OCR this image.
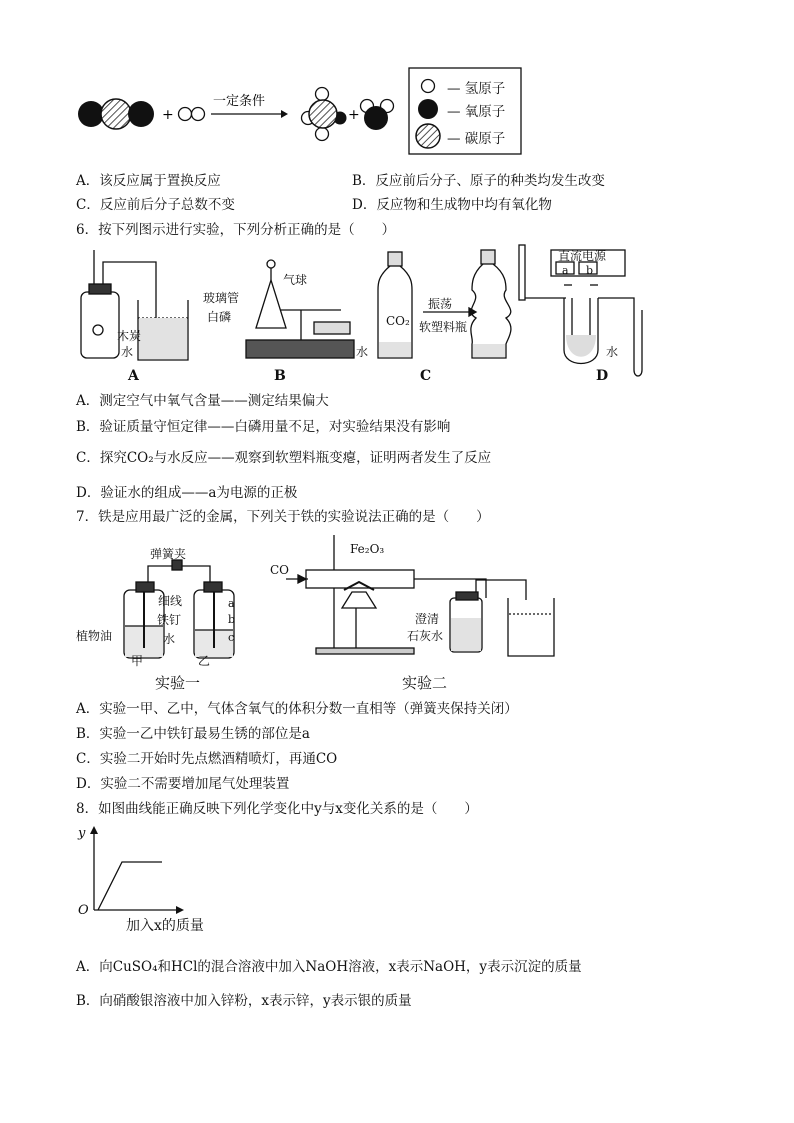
+
一定条件
+
— 氢原子
— 氧原子
— 碳原子
A．该反应属于置换反应	B．反应前后分子、原子的种类均发生改变
C．反应前后分子总数不变	D．反应物和生成物中均有氧化物
6．按下列图示进行实验，下列分析正确的是（　　）
A
木炭
水
B
气球
玻璃管
白磷
C
CO₂
振荡
软塑料瓶
水
直流电源
a b
水
D
A．测定空气中氧气含量——测定结果偏大
B．验证质量守恒定律——白磷用量不足，对实验结果没有影响
C．探究CO₂与水反应——观察到软塑料瓶变瘪，证明两者发生了反应
D．验证水的组成——a为电源的正极
7．铁是应用最广泛的金属，下列关于铁的实验说法正确的是（　　）
弹簧夹
细线
铁钉
植物油	水
a
b
c
甲	乙
实验一
CO
Fe₂O₃
澄清
石灰水
实验二
A．实验一甲、乙中，气体含氧气的体积分数一直相等（弹簧夹保持关闭）
B．实验一乙中铁钉最易生锈的部位是a
C．实验二开始时先点燃酒精喷灯，再通CO
D．实验二不需要增加尾气处理装置
8．如图曲线能正确反映下列化学变化中y与x变化关系的是（　　）
y
O
加入x的质量
A．向CuSO₄和HCl的混合溶液中加入NaOH溶液，x表示NaOH，y表示沉淀的质量
B．向硝酸银溶液中加入锌粉，x表示锌，y表示银的质量
